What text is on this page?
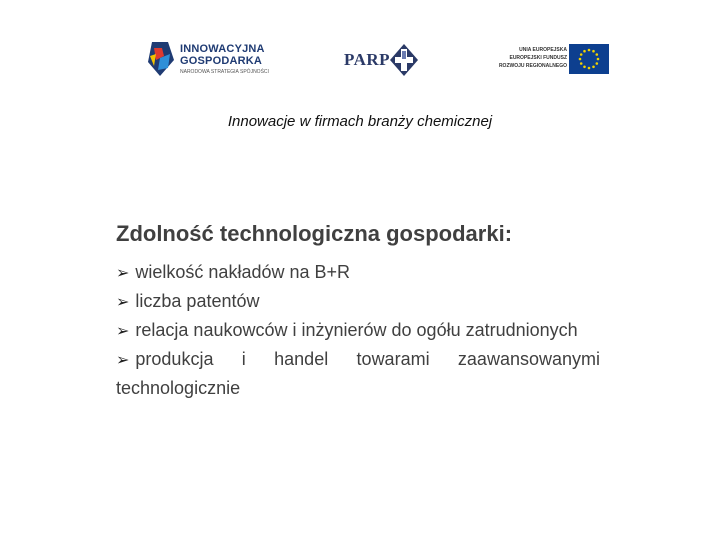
INNOWACYJNA
GOSPODARKA
NARODOWA STRATEGIA SPÓJNOŚCI
PARP	UNIA EUROPEJSKA
EUROPEJSKI FUNDUSZ
ROZWOJU REGIONALNEGO
Innowacje w firmach branży chemicznej
Zdolność technologiczna gospodarki:
➢ wielkość nakładów na B+R
➢ liczba patentów
➢ relacja naukowców i inżynierów do ogółu zatrudnionych
➢ produkcja i handel towarami zaawansowanymi technologicznie
